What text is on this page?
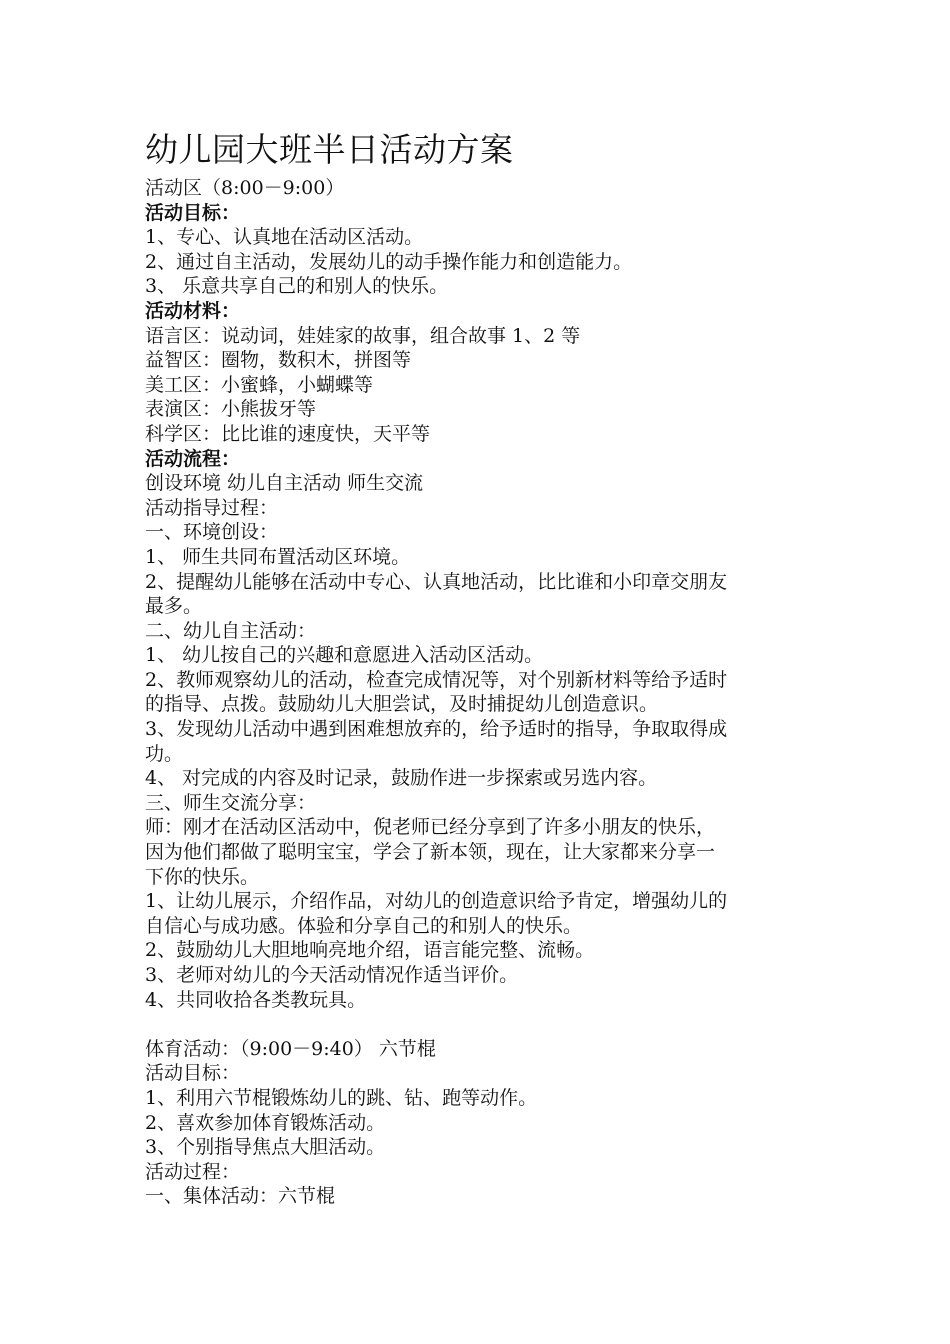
幼儿园大班半日活动方案

活动区（8:00－9:00）

活动目标：

1、专心、认真地在活动区活动。

2、通过自主活动，发展幼儿的动手操作能力和创造能力。

3、 乐意共享自己的和别人的快乐。

活动材料：

语言区：说动词，娃娃家的故事，组合故事 1、2 等

益智区：圈物，数积木，拼图等

美工区：小蜜蜂，小蝴蝶等

表演区：小熊拔牙等

科学区：比比谁的速度快，天平等

活动流程：

创设环境 幼儿自主活动 师生交流

活动指导过程：

一、环境创设：

1、 师生共同布置活动区环境。

2、提醒幼儿能够在活动中专心、认真地活动，比比谁和小印章交朋友

最多。

二、幼儿自主活动：

1、 幼儿按自己的兴趣和意愿进入活动区活动。

2、教师观察幼儿的活动，检查完成情况等，对个别新材料等给予适时

的指导、点拨。鼓励幼儿大胆尝试，及时捕捉幼儿创造意识。

3、发现幼儿活动中遇到困难想放弃的，给予适时的指导，争取取得成

功。

4、 对完成的内容及时记录，鼓励作进一步探索或另选内容。

三、师生交流分享：

师：刚才在活动区活动中，倪老师已经分享到了许多小朋友的快乐，

因为他们都做了聪明宝宝，学会了新本领，现在，让大家都来分享一

下你的快乐。

1、让幼儿展示，介绍作品，对幼儿的创造意识给予肯定，增强幼儿的

自信心与成功感。体验和分享自己的和别人的快乐。

2、鼓励幼儿大胆地响亮地介绍，语言能完整、流畅。

3、老师对幼儿的今天活动情况作适当评价。

4、共同收拾各类教玩具。

体育活动：（9:00－9:40） 六节棍

活动目标：

1、利用六节棍锻炼幼儿的跳、钻、跑等动作。

2、喜欢参加体育锻炼活动。

3、个别指导焦点大胆活动。

活动过程：

一、集体活动：六节棍
